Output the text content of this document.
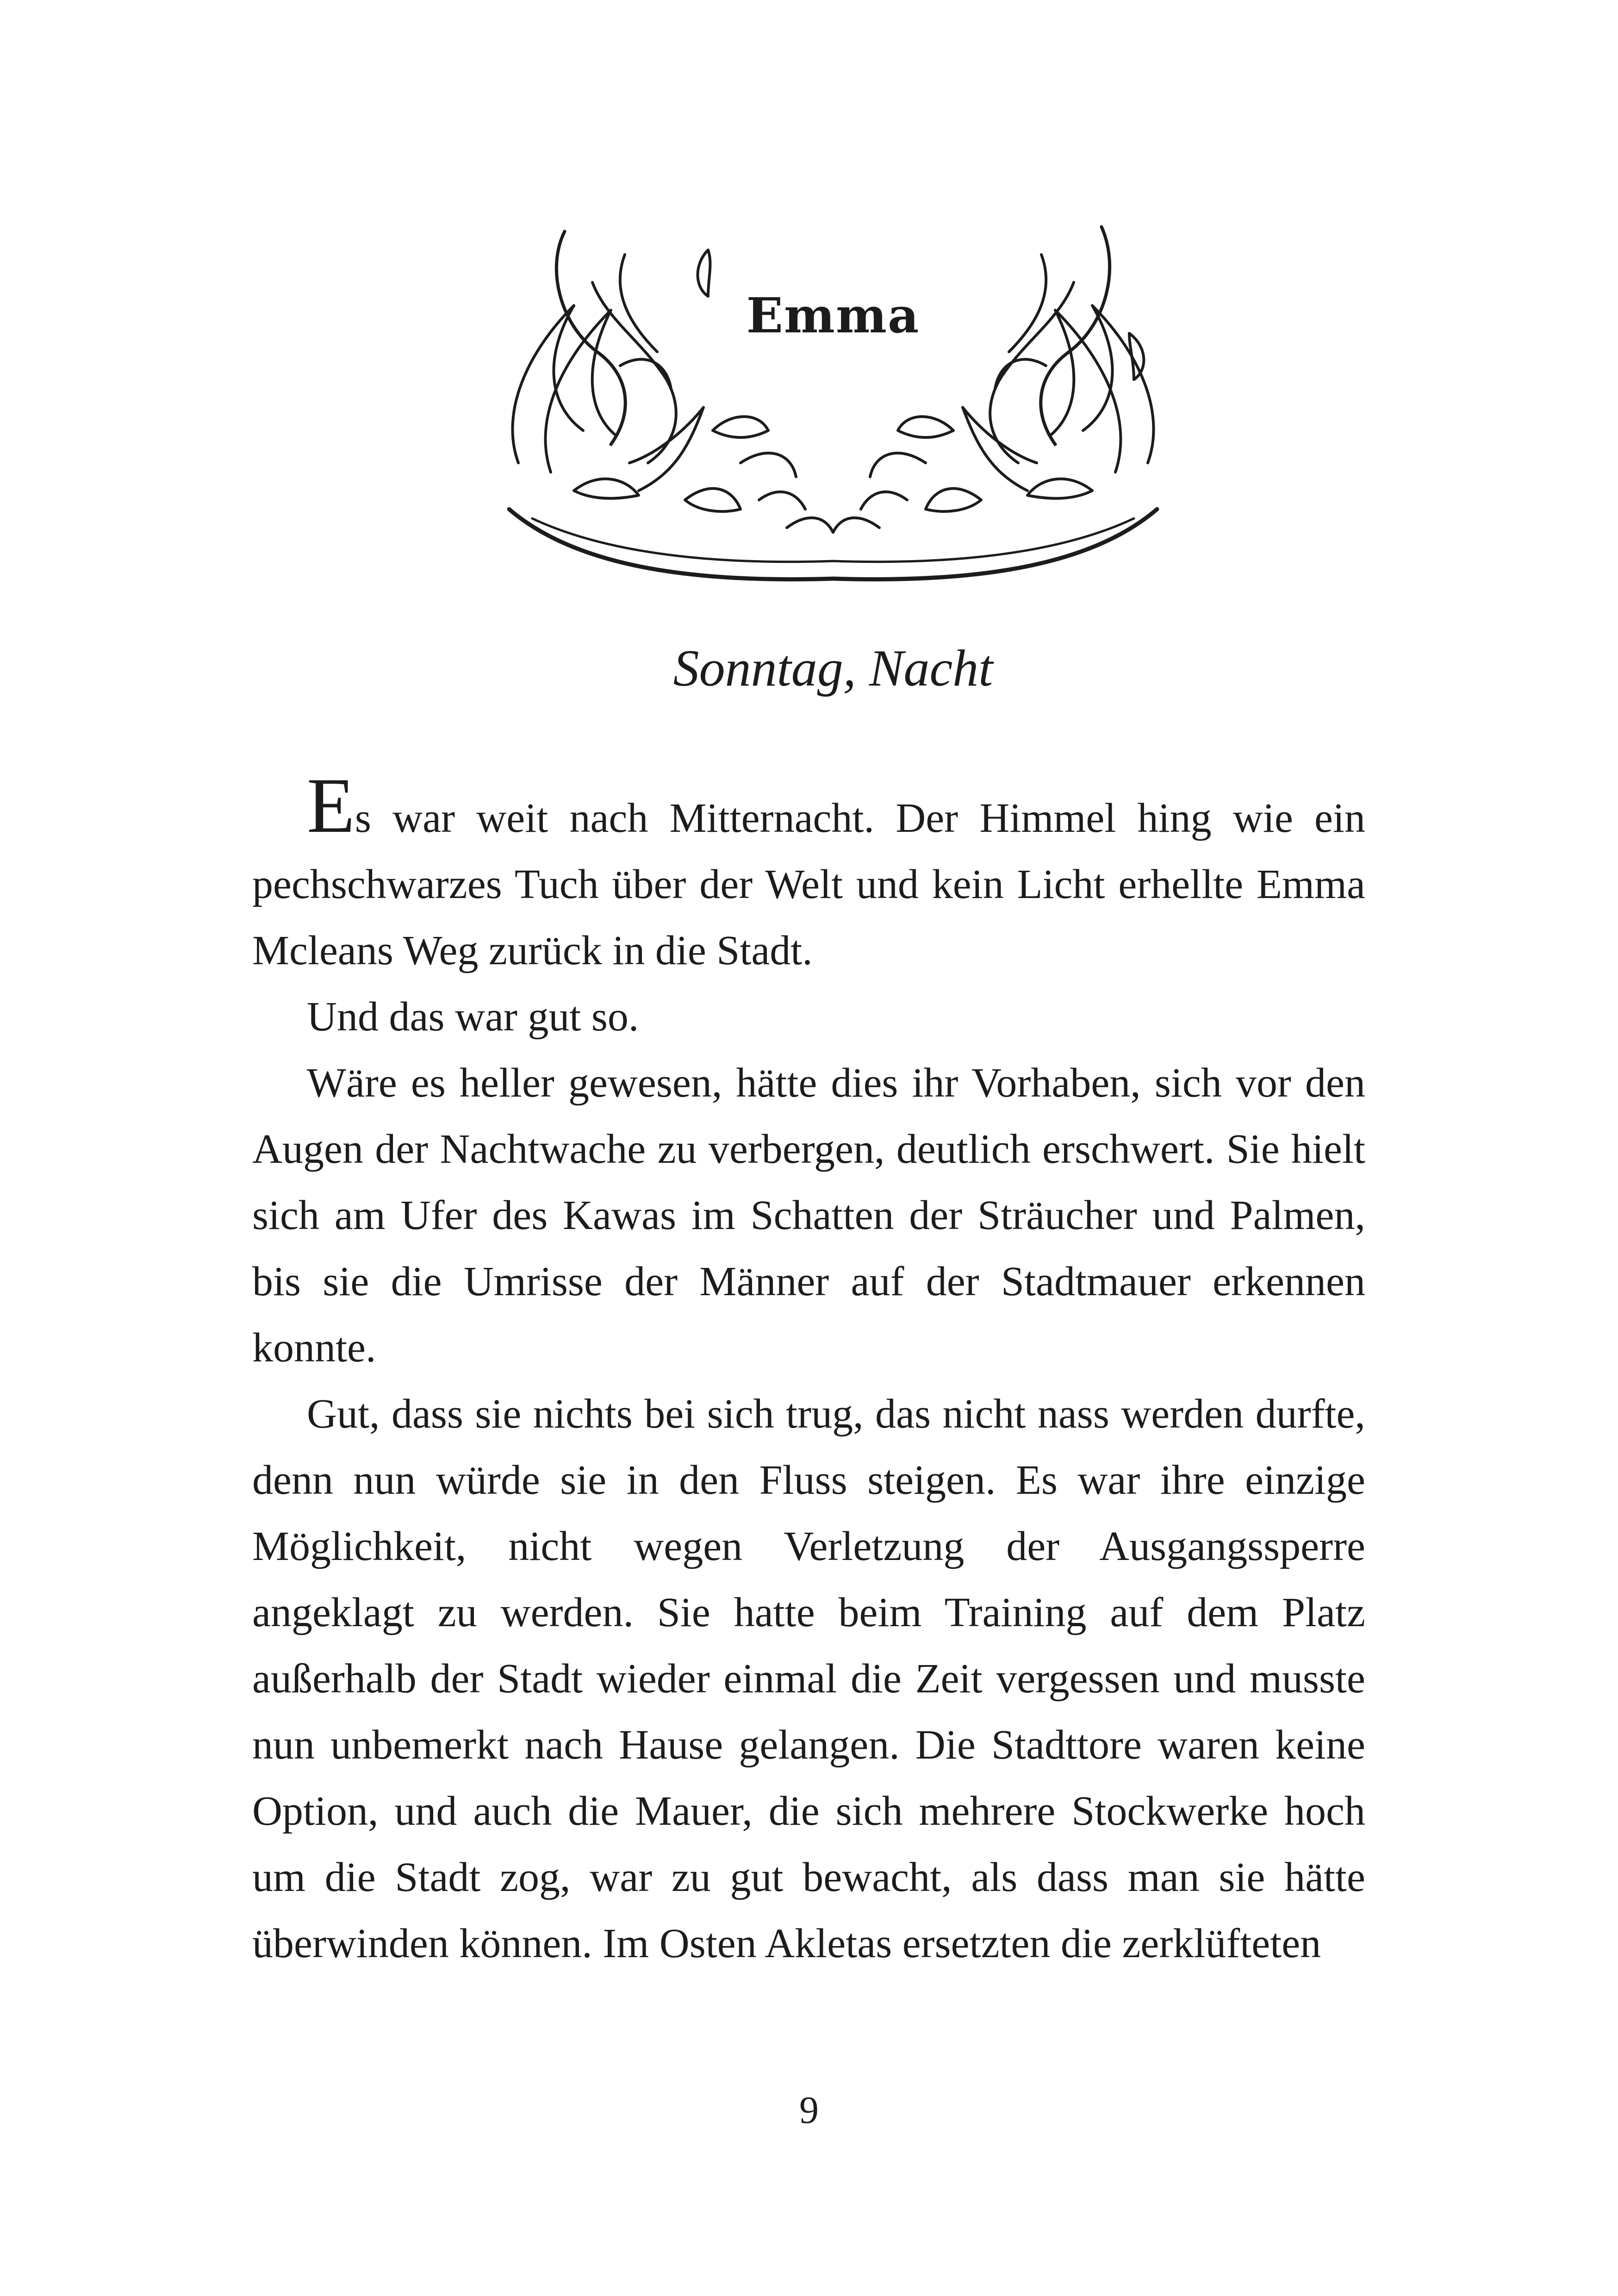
Emma
Sonntag, Nacht

Es war weit nach Mitternacht. Der Himmel hing wie ein pechschwarzes Tuch über der Welt und kein Licht erhellte Emma Mcleans Weg zurück in die Stadt.

Und das war gut so.

Wäre es heller gewesen, hätte dies ihr Vorhaben, sich vor den Augen der Nachtwache zu verbergen, deutlich erschwert. Sie hielt sich am Ufer des Kawas im Schatten der Sträucher und Palmen, bis sie die Umrisse der Männer auf der Stadtmauer erkennen konnte.

Gut, dass sie nichts bei sich trug, das nicht nass werden durfte, denn nun würde sie in den Fluss steigen. Es war ihre einzige Möglichkeit, nicht wegen Verletzung der Ausgangssperre angeklagt zu werden. Sie hatte beim Training auf dem Platz außerhalb der Stadt wieder einmal die Zeit vergessen und musste nun unbemerkt nach Hause gelangen. Die Stadttore waren keine Option, und auch die Mauer, die sich mehrere Stockwerke hoch um die Stadt zog, war zu gut bewacht, als dass man sie hätte überwinden können. Im Osten Akletas ersetzten die zerklüfteten

9
